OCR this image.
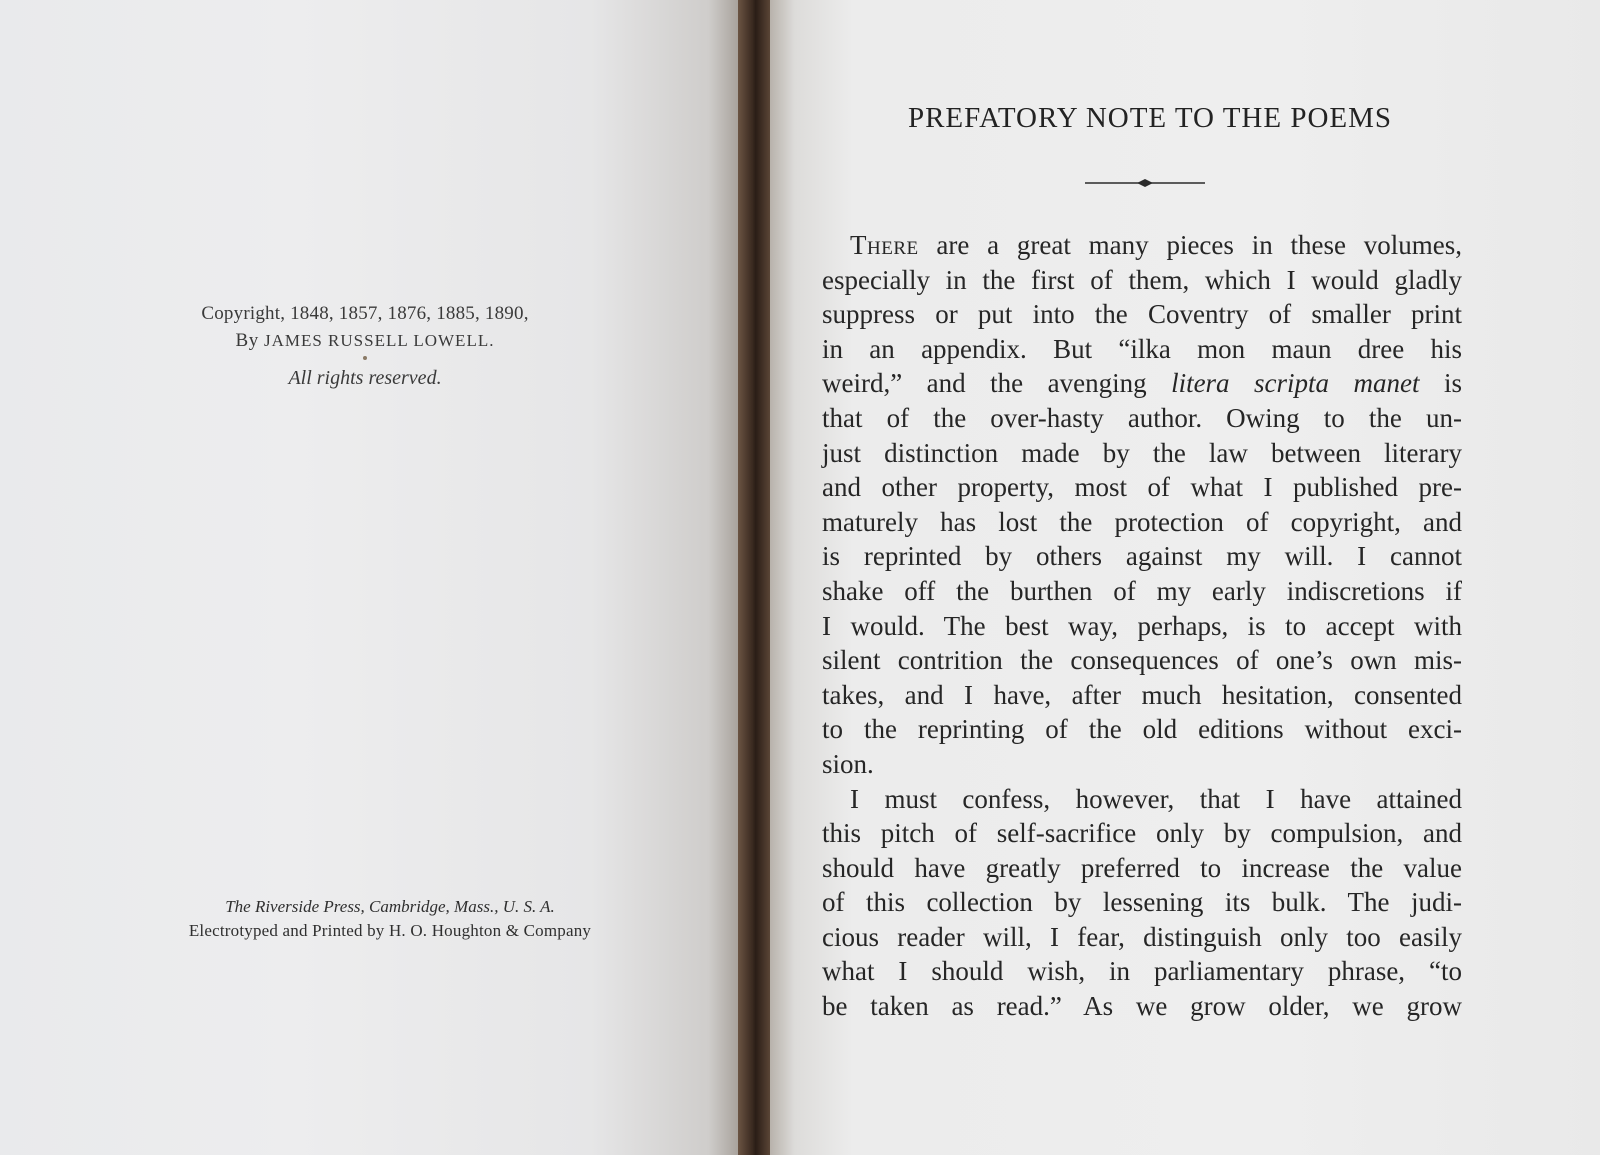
Copyright, 1848, 1857, 1876, 1885, 1890,
By JAMES RUSSELL LOWELL.
All rights reserved.
The Riverside Press, Cambridge, Mass., U. S. A.
Electrotyped and Printed by H. O. Houghton & Company
PREFATORY NOTE TO THE POEMS
There are a great many pieces in these volumes,
especially in the first of them, which I would gladly
suppress or put into the Coventry of smaller print
in an appendix. But “ilka mon maun dree his
weird,” and the avenging litera scripta manet is
that of the over-hasty author. Owing to the un-
just distinction made by the law between literary
and other property, most of what I published pre-
maturely has lost the protection of copyright, and
is reprinted by others against my will. I cannot
shake off the burthen of my early indiscretions if
I would. The best way, perhaps, is to accept with
silent contrition the consequences of one’s own mis-
takes, and I have, after much hesitation, consented
to the reprinting of the old editions without exci-
sion.
I must confess, however, that I have attained
this pitch of self-sacrifice only by compulsion, and
should have greatly preferred to increase the value
of this collection by lessening its bulk. The judi-
cious reader will, I fear, distinguish only too easily
what I should wish, in parliamentary phrase, “to
be taken as read.” As we grow older, we grow
